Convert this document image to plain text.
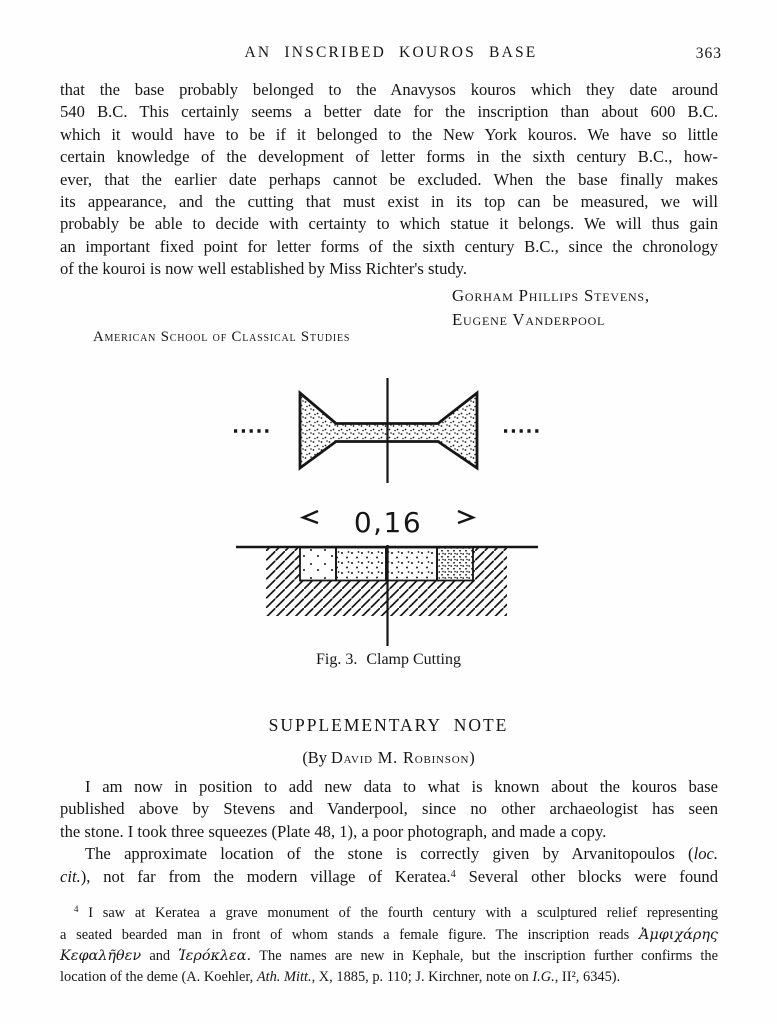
AN INSCRIBED KOUROS BASE	363
that the base probably belonged to the Anavysos kouros which they date around
540 B.C. This certainly seems a better date for the inscription than about 600 B.C.
which it would have to be if it belonged to the New York kouros. We have so little
certain knowledge of the development of letter forms in the sixth century B.C., how-
ever, that the earlier date perhaps cannot be excluded. When the base finally makes
its appearance, and the cutting that must exist in its top can be measured, we will
probably be able to decide with certainty to which statue it belongs. We will thus gain
an important fixed point for letter forms of the sixth century B.C., since the chronology
of the kouroi is now well established by Miss Richter's study.
Gorham Phillips Stevens,
Eugene Vanderpool
American School of Classical Studies
0,16
Fig. 3. Clamp Cutting
SUPPLEMENTARY NOTE
(By David M. Robinson)
I am now in position to add new data to what is known about the kouros base
published above by Stevens and Vanderpool, since no other archaeologist has seen
the stone. I took three squeezes (Plate 48, 1), a poor photograph, and made a copy.
The approximate location of the stone is correctly given by Arvanitopoulos (loc.
cit.), not far from the modern village of Keratea.$^4$ Several other blocks were found
$^4$ I saw at Keratea a grave monument of the fourth century with a sculptured relief representing
a seated bearded man in front of whom stands a female figure. The inscription reads Ἀμφιχάρης
Κεφαλῆθεν and Ἱερόκλεα. The names are new in Kephale, but the inscription further confirms the
location of the deme (A. Koehler, Ath. Mitt., X, 1885, p. 110; J. Kirchner, note on I.G., II², 6345).
